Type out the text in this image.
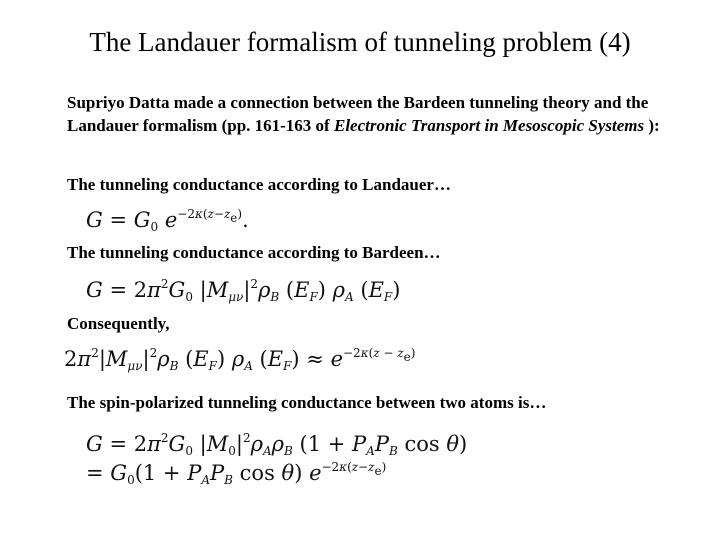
The Landauer formalism of tunneling problem (4)
Supriyo Datta made a connection between the Bardeen tunneling theory and the Landauer formalism (pp. 161-163 of Electronic Transport in Mesoscopic Systems ):
The tunneling conductance according to Landauer…
$G = G_0$ $e^{-2\kappa(z-z_e)}$.
The tunneling conductance according to Bardeen…
$G = 2\pi^2G_0$ $|M_{\mu\nu}|^2\rho_B$ $(E_F)$ $\rho_A$ $(E_F)$
Consequently,
$2\pi^2|M_{\mu\nu}|^2\rho_B$ $(E_F)$ $\rho_A$ $(E_F) \approx e^{-2\kappa(z - z_e)}$
The spin-polarized tunneling conductance between two atoms is…
$G = 2\pi^2G_0$ $|M_0|^2\rho_A\rho_B$ ($1 + P_AP_B$ cos θ)
= $G_0(1 + P_AP_B$ cos θ) $e^{-2\kappa(z-z_e)}$
